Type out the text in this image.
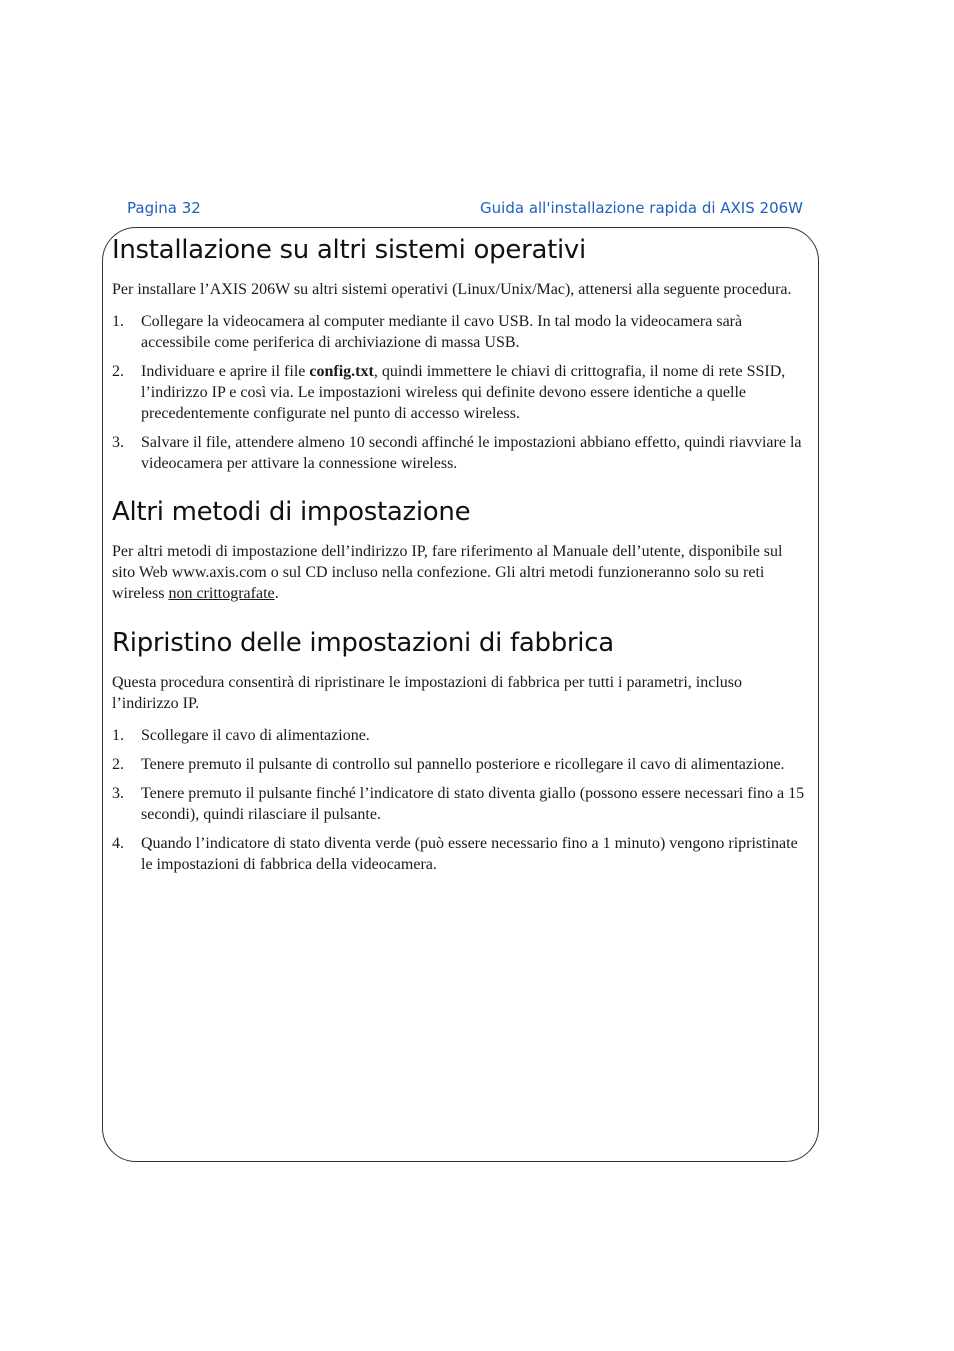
Pagina 32	Guida all'installazione rapida di AXIS 206W
Installazione su altri sistemi operativi

Per installare l’AXIS 206W su altri sistemi operativi (Linux/Unix/Mac), attenersi alla seguente procedura.

1. Collegare la videocamera al computer mediante il cavo USB. In tal modo la videocamera sarà accessibile come periferica di archiviazione di massa USB.
2. Individuare e aprire il file config.txt, quindi immettere le chiavi di crittografia, il nome di rete SSID, l’indirizzo IP e così via. Le impostazioni wireless qui definite devono essere identiche a quelle precedentemente configurate nel punto di accesso wireless.
3. Salvare il file, attendere almeno 10 secondi affinché le impostazioni abbiano effetto, quindi riavviare la videocamera per attivare la connessione wireless.
Altri metodi di impostazione

Per altri metodi di impostazione dell’indirizzo IP, fare riferimento al Manuale dell’utente, disponibile sul sito Web www.axis.com o sul CD incluso nella confezione. Gli altri metodi funzioneranno solo su reti wireless non crittografate.

Ripristino delle impostazioni di fabbrica

Questa procedura consentirà di ripristinare le impostazioni di fabbrica per tutti i parametri, incluso l’indirizzo IP.

1. Scollegare il cavo di alimentazione.
2. Tenere premuto il pulsante di controllo sul pannello posteriore e ricollegare il cavo di alimentazione.
3. Tenere premuto il pulsante finché l’indicatore di stato diventa giallo (possono essere necessari fino a 15 secondi), quindi rilasciare il pulsante.
4. Quando l’indicatore di stato diventa verde (può essere necessario fino a 1 minuto) vengono ripristinate le impostazioni di fabbrica della videocamera.
